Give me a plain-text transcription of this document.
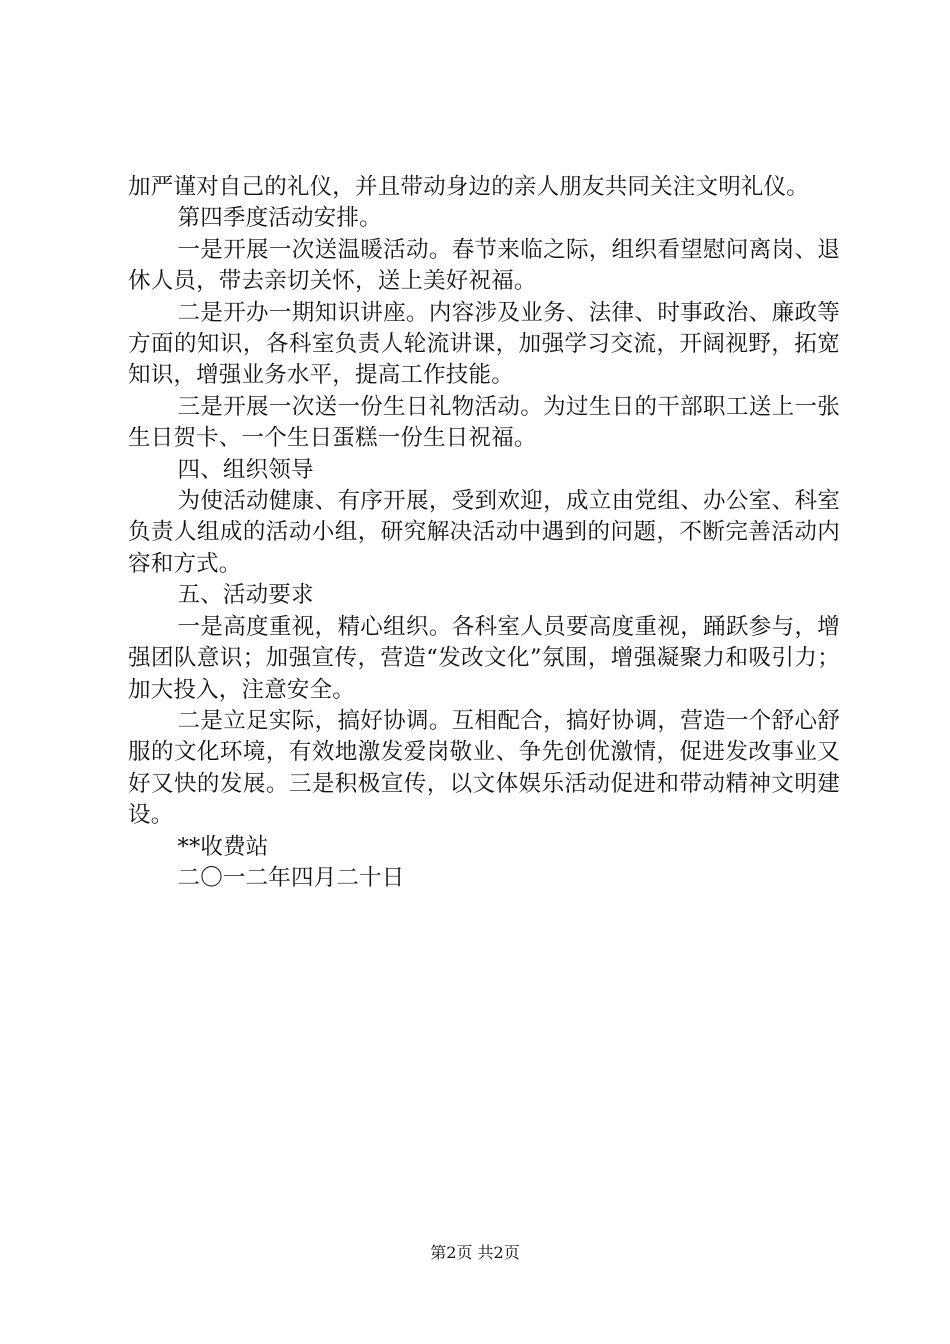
加严谨对自己的礼仪，并且带动身边的亲人朋友共同关注文明礼仪。

第四季度活动安排。

一是开展一次送温暖活动。春节来临之际，组织看望慰问离岗、退休人员，带去亲切关怀，送上美好祝福。

二是开办一期知识讲座。内容涉及业务、法律、时事政治、廉政等方面的知识，各科室负责人轮流讲课，加强学习交流，开阔视野，拓宽知识，增强业务水平，提高工作技能。

三是开展一次送一份生日礼物活动。为过生日的干部职工送上一张生日贺卡、一个生日蛋糕一份生日祝福。

四、组织领导

为使活动健康、有序开展，受到欢迎，成立由党组、办公室、科室负责人组成的活动小组，研究解决活动中遇到的问题，不断完善活动内容和方式。

五、活动要求

一是高度重视，精心组织。各科室人员要高度重视，踊跃参与，增强团队意识；加强宣传，营造“发改文化”氛围，增强凝聚力和吸引力；加大投入，注意安全。

二是立足实际，搞好协调。互相配合，搞好协调，营造一个舒心舒服的文化环境，有效地激发爱岗敬业、争先创优激情，促进发改事业又好又快的发展。三是积极宣传，以文体娱乐活动促进和带动精神文明建设。

**收费站

二〇一二年四月二十日

第2页 共2页
